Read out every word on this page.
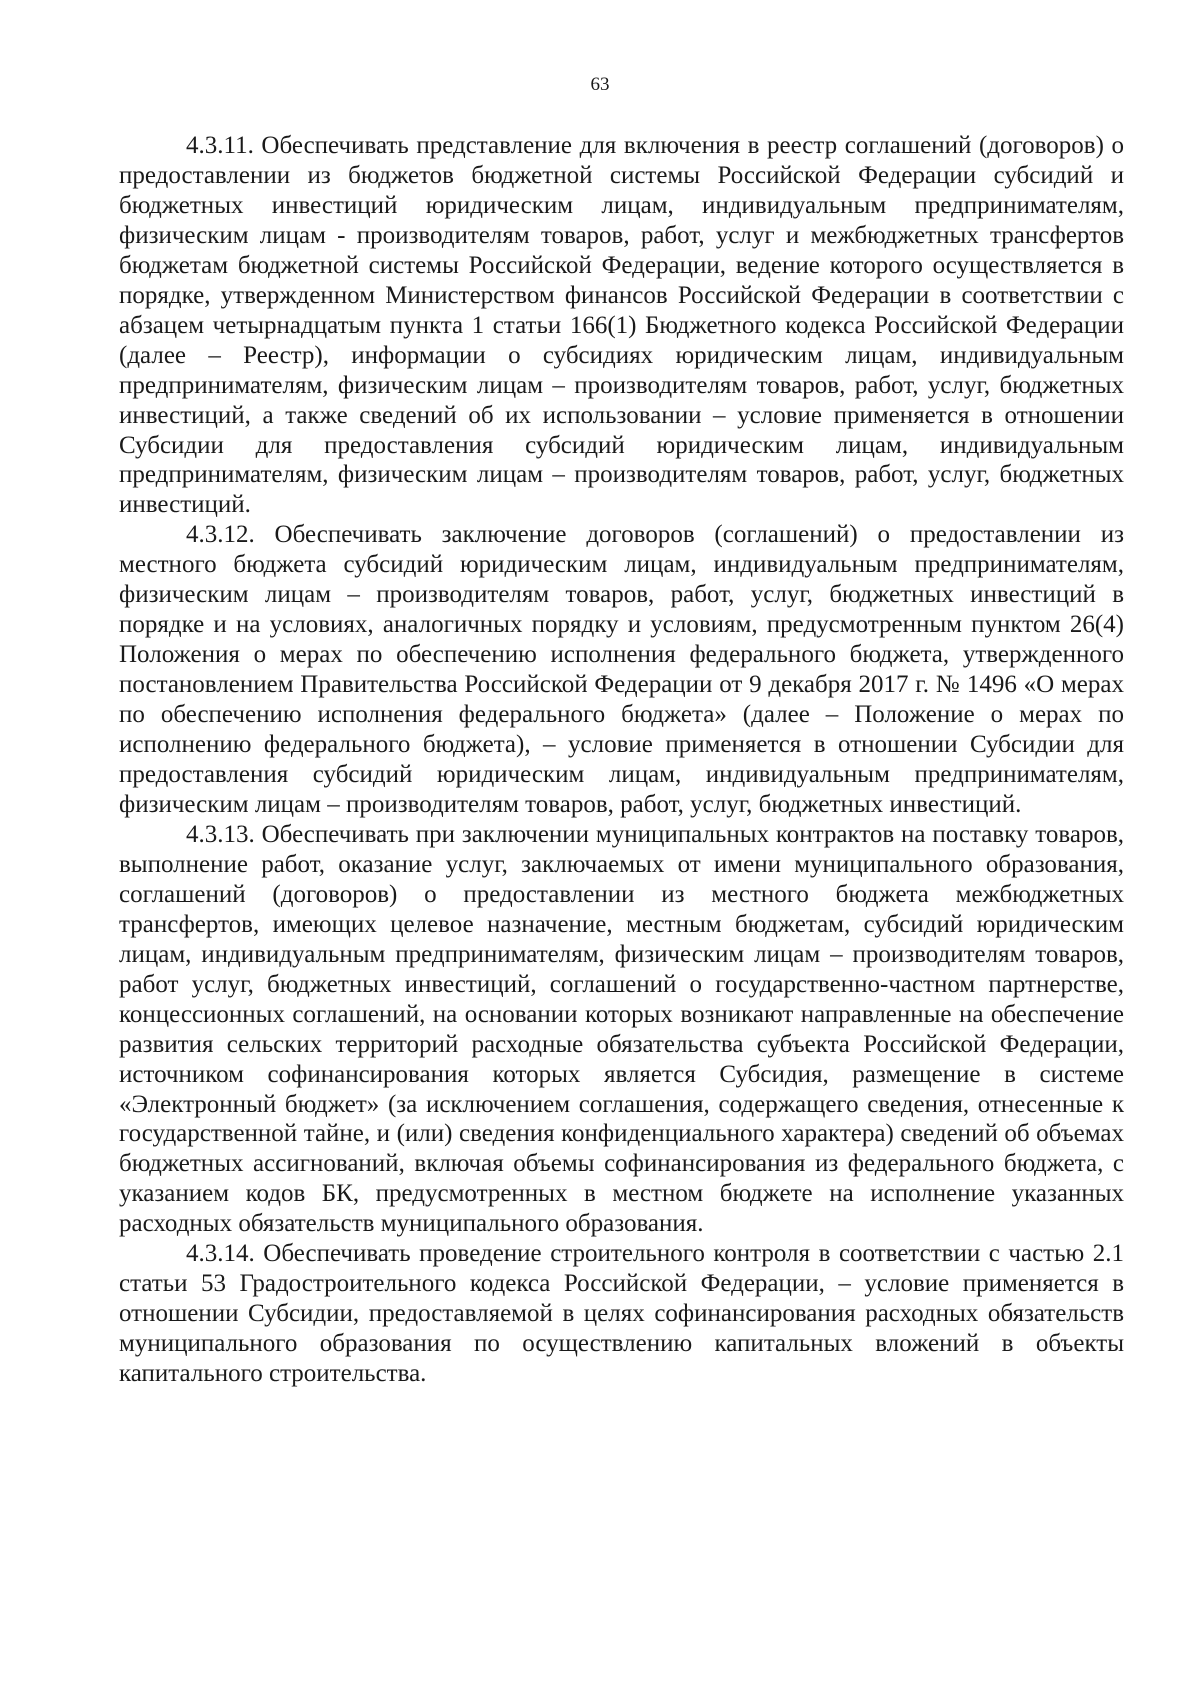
63

4.3.11. Обеспечивать представление для включения в реестр соглашений (договоров) о предоставлении из бюджетов бюджетной системы Российской Федерации субсидий и бюджетных инвестиций юридическим лицам, индивидуальным предпринимателям, физическим лицам - производителям товаров, работ, услуг и межбюджетных трансфертов бюджетам бюджетной системы Российской Федерации, ведение которого осуществляется в порядке, утвержденном Министерством финансов Российской Федерации в соответствии с абзацем четырнадцатым пункта 1 статьи 166(1) Бюджетного кодекса Российской Федерации (далее – Реестр), информации о субсидиях юридическим лицам, индивидуальным предпринимателям, физическим лицам – производителям товаров, работ, услуг, бюджетных инвестиций, а также сведений об их использовании – условие применяется в отношении Субсидии для предоставления субсидий юридическим лицам, индивидуальным предпринимателям, физическим лицам – производителям товаров, работ, услуг, бюджетных инвестиций.

4.3.12. Обеспечивать заключение договоров (соглашений) о предоставлении из местного бюджета субсидий юридическим лицам, индивидуальным предпринимателям, физическим лицам – производителям товаров, работ, услуг, бюджетных инвестиций в порядке и на условиях, аналогичных порядку и условиям, предусмотренным пунктом 26(4) Положения о мерах по обеспечению исполнения федерального бюджета, утвержденного постановлением Правительства Российской Федерации от 9 декабря 2017 г. № 1496 «О мерах по обеспечению исполнения федерального бюджета» (далее – Положение о мерах по исполнению федерального бюджета), – условие применяется в отношении Субсидии для предоставления субсидий юридическим лицам, индивидуальным предпринимателям, физическим лицам – производителям товаров, работ, услуг, бюджетных инвестиций.

4.3.13. Обеспечивать при заключении муниципальных контрактов на поставку товаров, выполнение работ, оказание услуг, заключаемых от имени муниципального образования, соглашений (договоров) о предоставлении из местного бюджета межбюджетных трансфертов, имеющих целевое назначение, местным бюджетам, субсидий юридическим лицам, индивидуальным предпринимателям, физическим лицам – производителям товаров, работ услуг, бюджетных инвестиций, соглашений о государственно-частном партнерстве, концессионных соглашений, на основании которых возникают направленные на обеспечение развития сельских территорий расходные обязательства субъекта Российской Федерации, источником софинансирования которых является Субсидия, размещение в системе «Электронный бюджет» (за исключением соглашения, содержащего сведения, отнесенные к государственной тайне, и (или) сведения конфиденциального характера) сведений об объемах бюджетных ассигнований, включая объемы софинансирования из федерального бюджета, с указанием кодов БК, предусмотренных в местном бюджете на исполнение указанных расходных обязательств муниципального образования.

4.3.14. Обеспечивать проведение строительного контроля в соответствии с частью 2.1 статьи 53 Градостроительного кодекса Российской Федерации, – условие применяется в отношении Субсидии, предоставляемой в целях софинансирования расходных обязательств муниципального образования по осуществлению капитальных вложений в объекты капитального строительства.
